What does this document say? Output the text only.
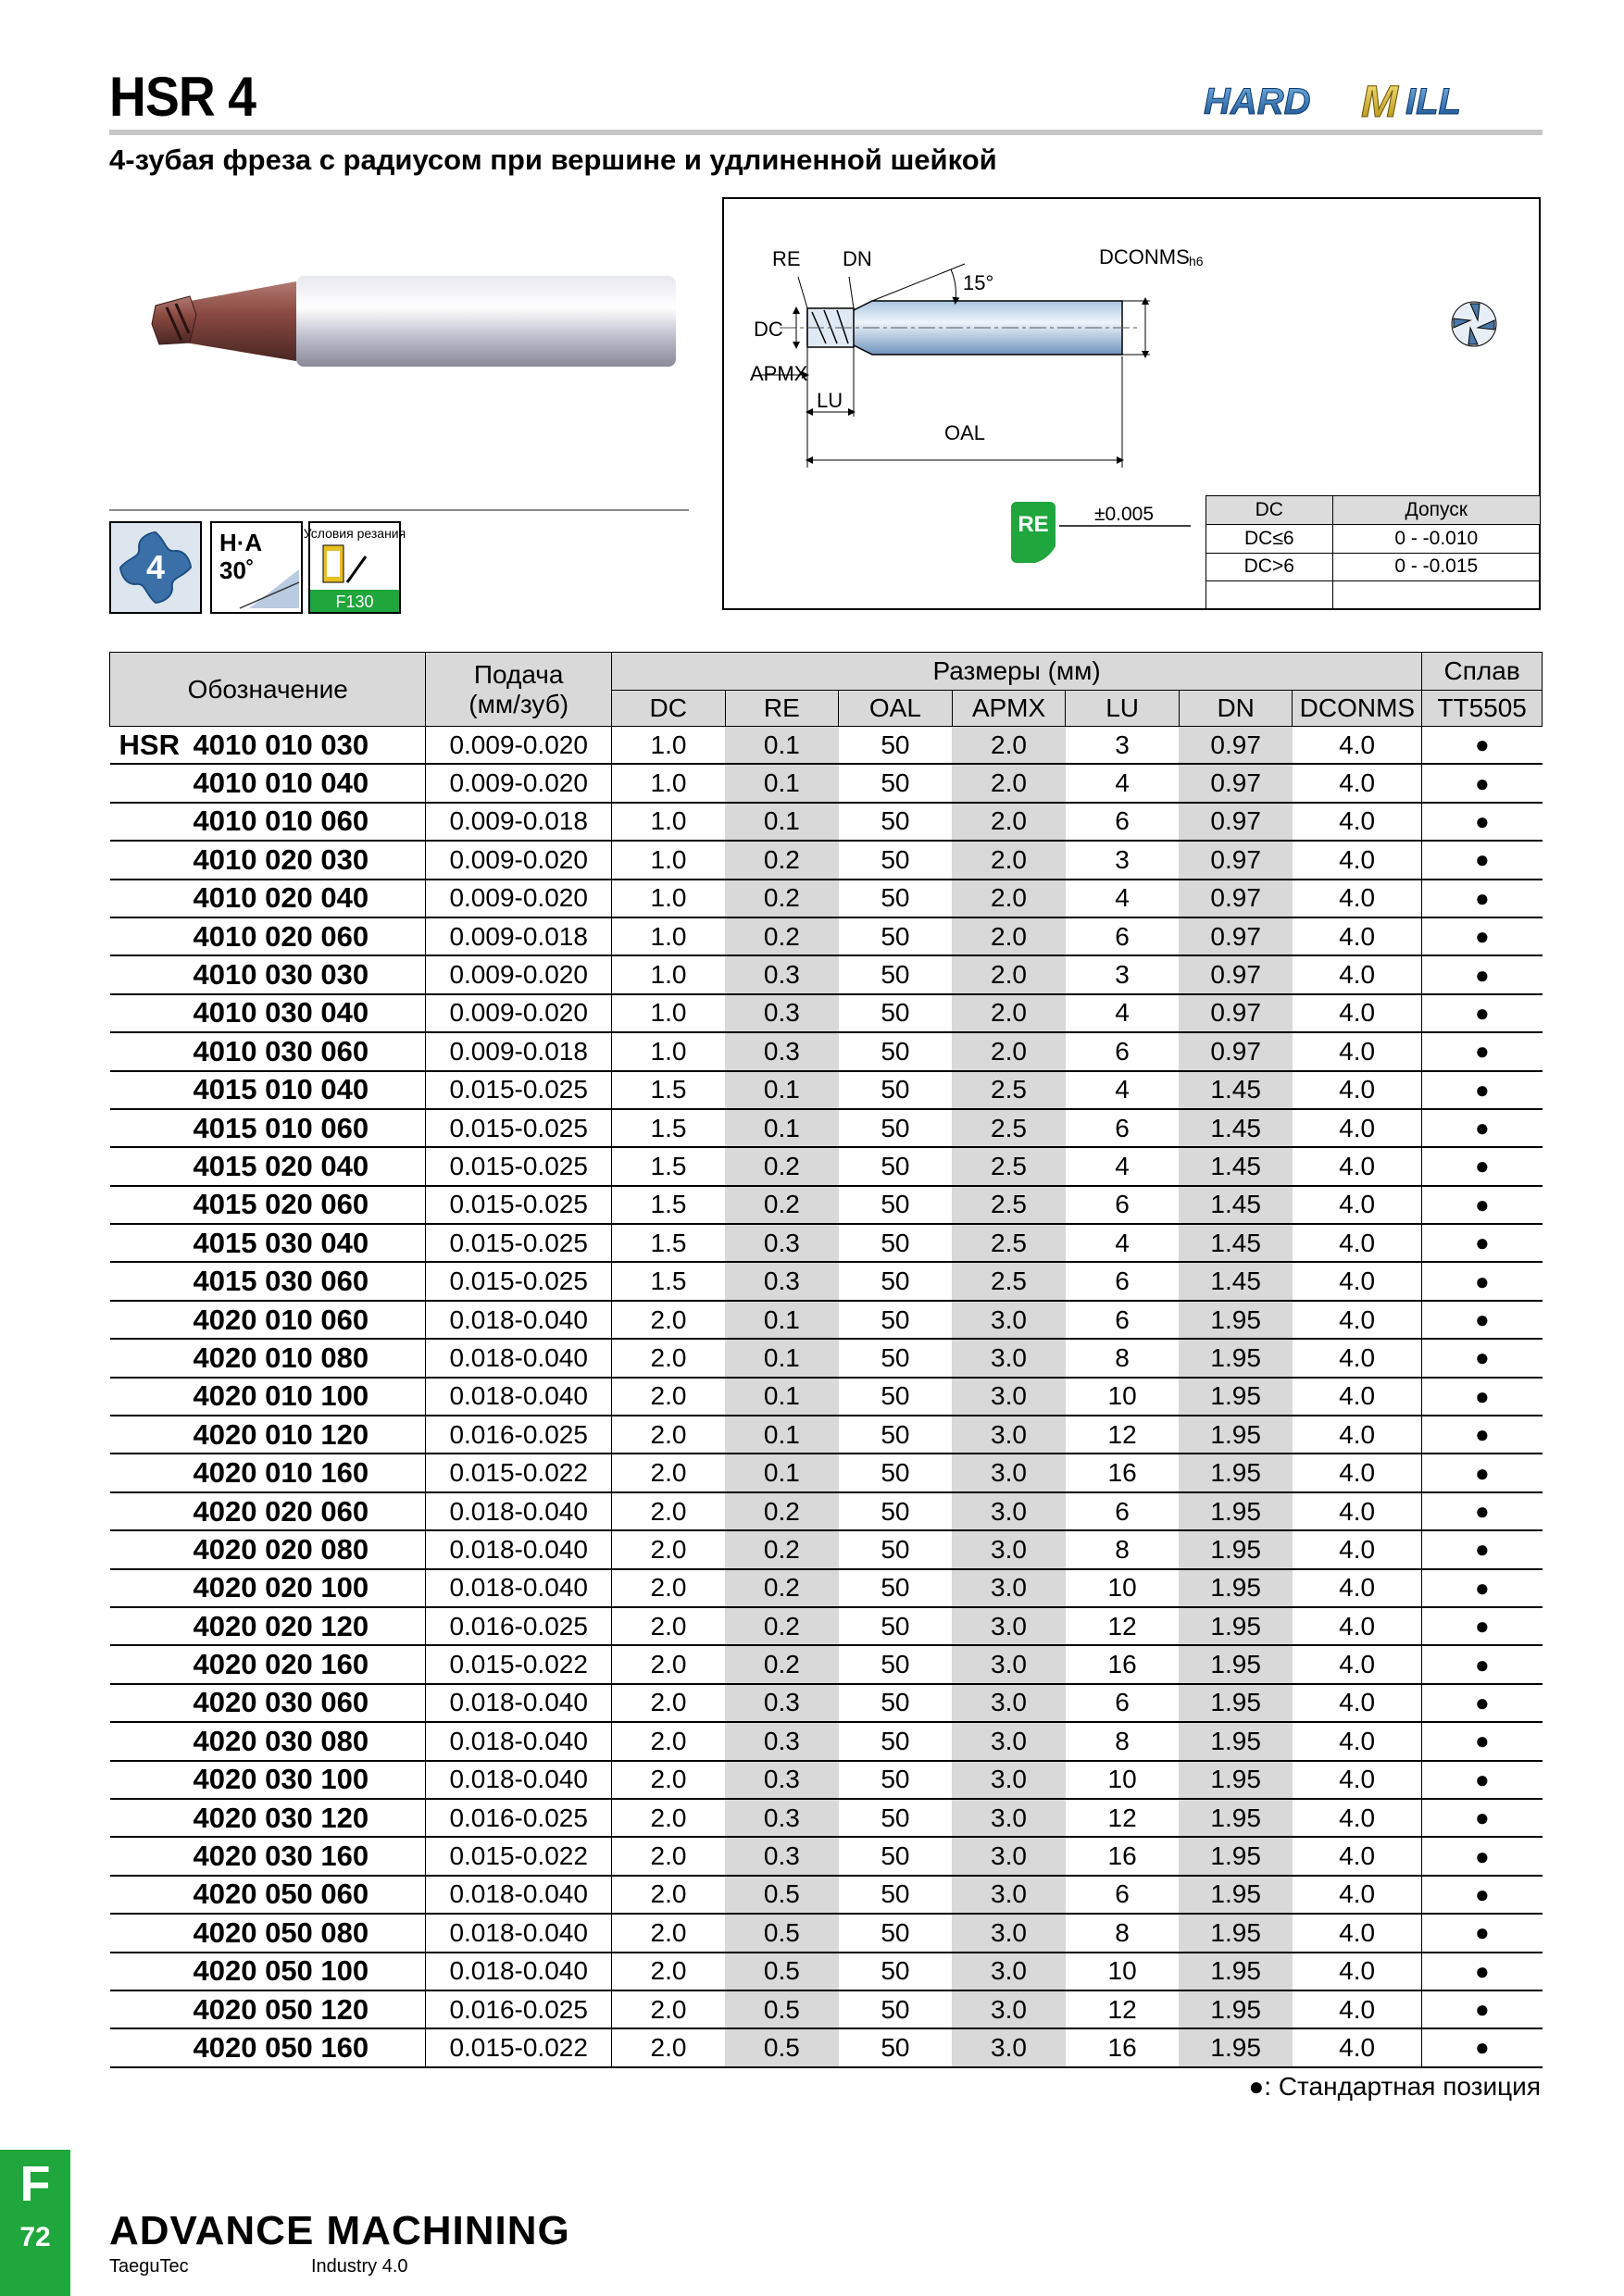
HSR 4	HARD M ILL
4-зубая фреза с радиусом при вершине и удлиненной шейкой
4
H·A
30˚
Условия резания
F130
RE DN
15°
DCONMS h6
DC
APMX
LU
OAL
RE ±0.005	DC	Допуск
DC≤6	0 - -0.010
DC>6	0 - -0.015

Обозначение	Подача
(мм/зуб)	Размеры (мм)							Сплав
		DC	RE	OAL	APMX	LU	DN	DCONMS	TT5505

HSR 4010 010 030	0.009-0.020	1.0	0.1	50	2.0	3	0.97	4.0	●
4010 010 040	0.009-0.020	1.0	0.1	50	2.0	4	0.97	4.0	●
4010 010 060	0.009-0.018	1.0	0.1	50	2.0	6	0.97	4.0	●
4010 020 030	0.009-0.020	1.0	0.2	50	2.0	3	0.97	4.0	●
4010 020 040	0.009-0.020	1.0	0.2	50	2.0	4	0.97	4.0	●
4010 020 060	0.009-0.018	1.0	0.2	50	2.0	6	0.97	4.0	●
4010 030 030	0.009-0.020	1.0	0.3	50	2.0	3	0.97	4.0	●
4010 030 040	0.009-0.020	1.0	0.3	50	2.0	4	0.97	4.0	●
4010 030 060	0.009-0.018	1.0	0.3	50	2.0	6	0.97	4.0	●
4015 010 040	0.015-0.025	1.5	0.1	50	2.5	4	1.45	4.0	●
4015 010 060	0.015-0.025	1.5	0.1	50	2.5	6	1.45	4.0	●
4015 020 040	0.015-0.025	1.5	0.2	50	2.5	4	1.45	4.0	●
4015 020 060	0.015-0.025	1.5	0.2	50	2.5	6	1.45	4.0	●
4015 030 040	0.015-0.025	1.5	0.3	50	2.5	4	1.45	4.0	●
4015 030 060	0.015-0.025	1.5	0.3	50	2.5	6	1.45	4.0	●
4020 010 060	0.018-0.040	2.0	0.1	50	3.0	6	1.95	4.0	●
4020 010 080	0.018-0.040	2.0	0.1	50	3.0	8	1.95	4.0	●
4020 010 100	0.018-0.040	2.0	0.1	50	3.0	10	1.95	4.0	●
4020 010 120	0.016-0.025	2.0	0.1	50	3.0	12	1.95	4.0	●
4020 010 160	0.015-0.022	2.0	0.1	50	3.0	16	1.95	4.0	●
4020 020 060	0.018-0.040	2.0	0.2	50	3.0	6	1.95	4.0	●
4020 020 080	0.018-0.040	2.0	0.2	50	3.0	8	1.95	4.0	●
4020 020 100	0.018-0.040	2.0	0.2	50	3.0	10	1.95	4.0	●
4020 020 120	0.016-0.025	2.0	0.2	50	3.0	12	1.95	4.0	●
4020 020 160	0.015-0.022	2.0	0.2	50	3.0	16	1.95	4.0	●
4020 030 060	0.018-0.040	2.0	0.3	50	3.0	6	1.95	4.0	●
4020 030 080	0.018-0.040	2.0	0.3	50	3.0	8	1.95	4.0	●
4020 030 100	0.018-0.040	2.0	0.3	50	3.0	10	1.95	4.0	●
4020 030 120	0.016-0.025	2.0	0.3	50	3.0	12	1.95	4.0	●
4020 030 160	0.015-0.022	2.0	0.3	50	3.0	16	1.95	4.0	●
4020 050 060	0.018-0.040	2.0	0.5	50	3.0	6	1.95	4.0	●
4020 050 080	0.018-0.040	2.0	0.5	50	3.0	8	1.95	4.0	●
4020 050 100	0.018-0.040	2.0	0.5	50	3.0	10	1.95	4.0	●
4020 050 120	0.016-0.025	2.0	0.5	50	3.0	12	1.95	4.0	●
4020 050 160	0.015-0.022	2.0	0.5	50	3.0	16	1.95	4.0	●
●: Стандартная позиция
F
72	ADVANCE MACHINING
TaeguTec	Industry 4.0
